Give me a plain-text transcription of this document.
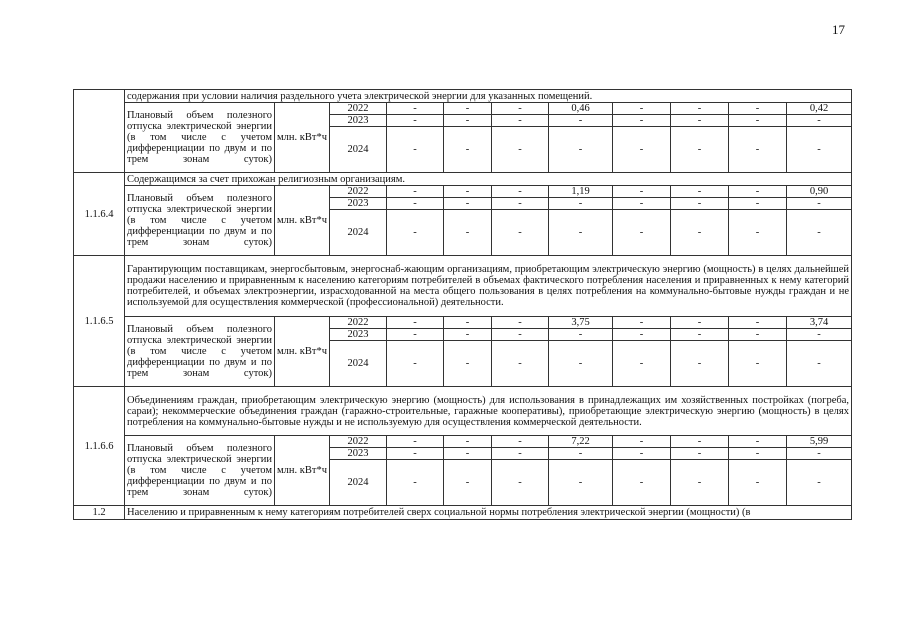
17
	содержания при условии наличия раздельного учета электрической энергии для указанных помещений.										
	Плановый объем полезного отпуска электрической энергии (в том числе с учетом дифференциации по двум и по трем зонам суток)	млн. кВт*ч	2022	-	-	-	0,46	-	-	-	0,42
			2023	-	-	-	-	-	-	-	-
			2024	-	-	-	-	-	-	-	-
1.1.6.4	Содержащимся за счет прихожан религиозным организациям.										
	Плановый объем полезного отпуска электрической энергии (в том числе с учетом дифференциации по двум и по трем зонам суток)	млн. кВт*ч	2022	-	-	-	1,19	-	-	-	0,90
			2023	-	-	-	-	-	-	-	-
			2024	-	-	-	-	-	-	-	-
1.1.6.5	Гарантирующим поставщикам, энергосбытовым, энергоснаб-жающим организациям, приобретающим электрическую энергию (мощность) в целях дальнейшей продажи населению и приравненным к населению категориям потребителей в объемах фактического потребления населения и приравненных к нему категорий потребителей, и объемах электроэнергии, израсходованной на места общего пользования в целях потребления на коммунально-бытовые нужды граждан и не используемой для осуществления коммерческой (профессиональной) деятельности.										
	Плановый объем полезного отпуска электрической энергии (в том числе с учетом дифференциации по двум и по трем зонам суток)	млн. кВт*ч	2022	-	-	-	3,75	-	-	-	3,74
			2023	-	-	-	-	-	-	-	-
			2024	-	-	-	-	-	-	-	-
1.1.6.6	Объединениям граждан, приобретающим электрическую энергию (мощность) для использования в принадлежащих им хозяйственных постройках (погреба, сараи); некоммерческие объединения граждан (гаражно-строительные, гаражные кооперативы), приобретающие электрическую энергию (мощность) в целях потребления на коммунально-бытовые нужды и не используемую для осуществления коммерческой деятельности.										
	Плановый объем полезного отпуска электрической энергии (в том числе с учетом дифференциации по двум и по трем зонам суток)	млн. кВт*ч	2022	-	-	-	7,22	-	-	-	5,99
			2023	-	-	-	-	-	-	-	-
			2024	-	-	-	-	-	-	-	-
1.2	Населению и приравненным к нему категориям потребителей сверх социальной нормы потребления электрической энергии (мощности) (в										
